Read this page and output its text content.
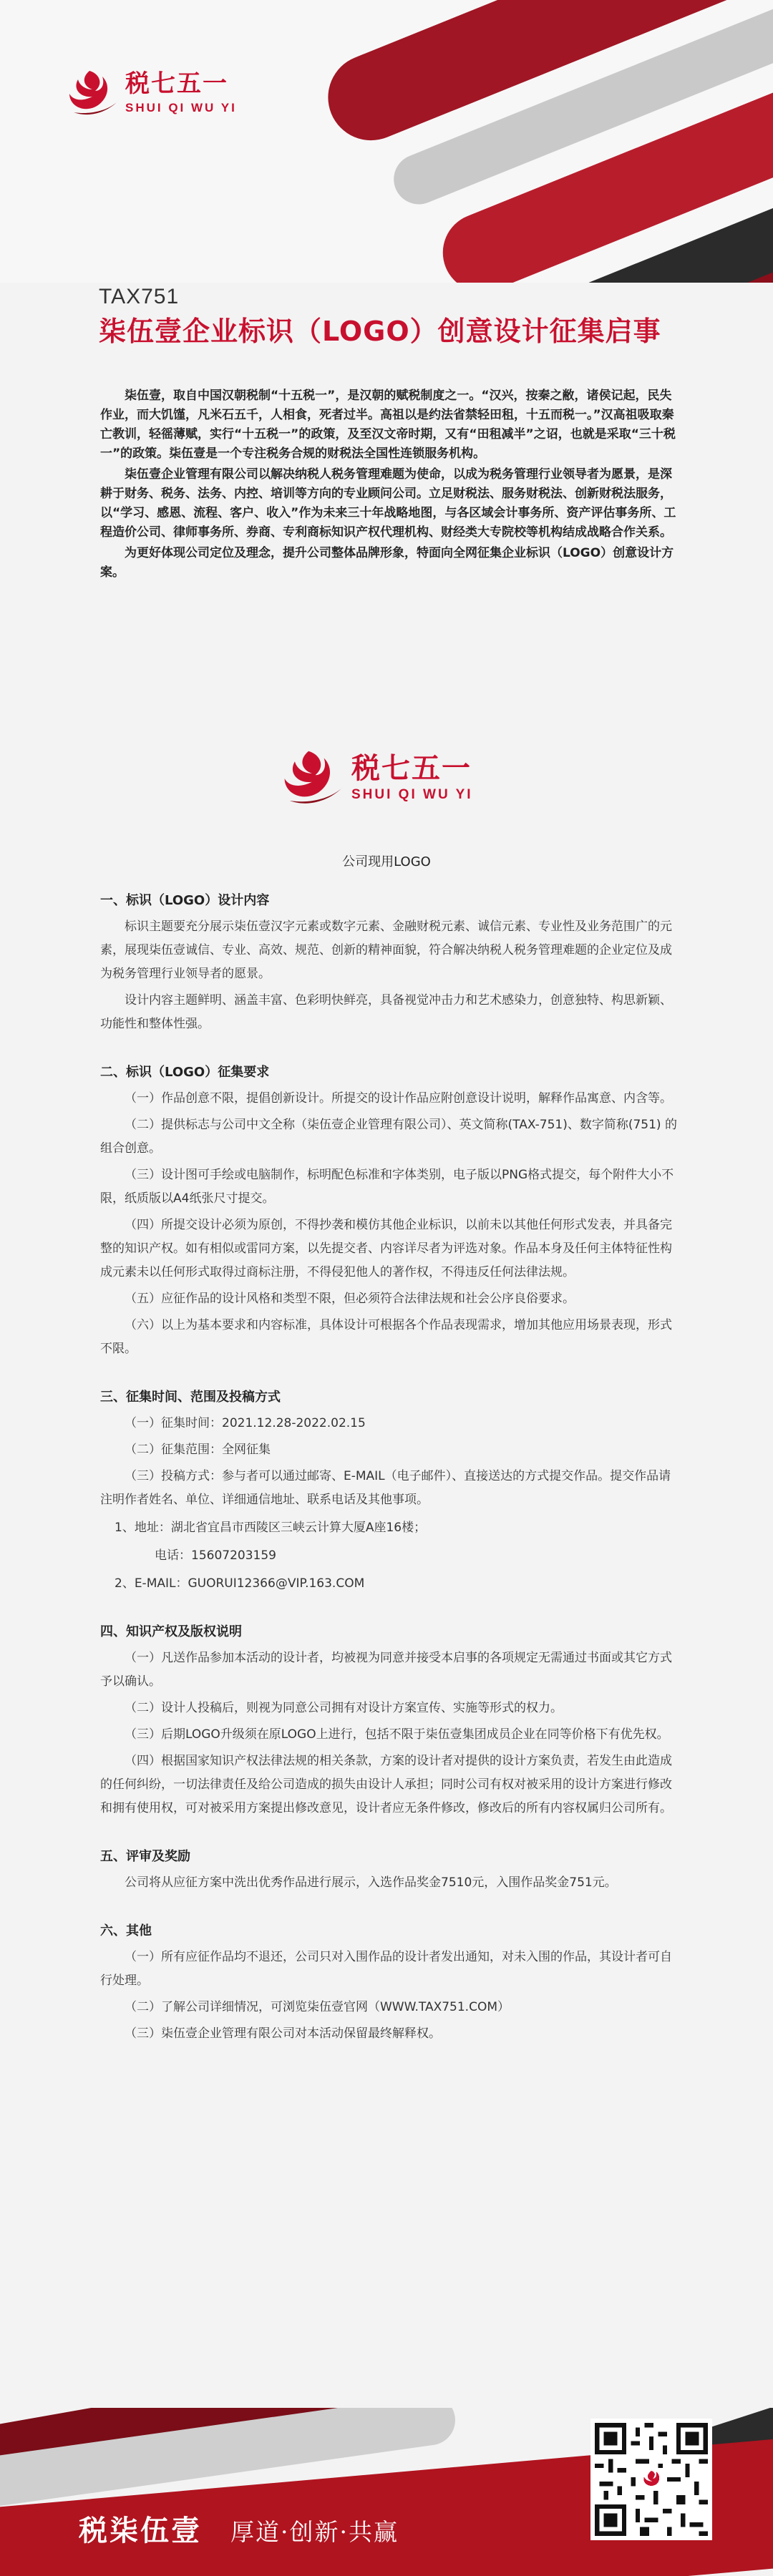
税七五一
SHUI QI WU YI
TAX751
柒伍壹企业标识（LOGO）创意设计征集启事

柒伍壹，取自中国汉朝税制“十五税一”，是汉朝的赋税制度之一。“汉兴，按秦之敝，诸侯记起，民失作业，而大饥馑，凡米石五千，人相食，死者过半。高祖以是约法省禁轻田租，十五而税一。”汉高祖吸取秦亡教训，轻徭薄赋，实行“十五税一”的政策，及至汉文帝时期，又有“田租减半”之诏，也就是采取“三十税一”的政策。柒伍壹是一个专注税务合规的财税法全国性连锁服务机构。

柒伍壹企业管理有限公司以解决纳税人税务管理难题为使命，以成为税务管理行业领导者为愿景，是深耕于财务、税务、法务、内控、培训等方向的专业顾问公司。立足财税法、服务财税法、创新财税法服务，以“学习、感恩、流程、客户、收入”作为未来三十年战略地图，与各区域会计事务所、资产评估事务所、工程造价公司、律师事务所、券商、专利商标知识产权代理机构、财经类大专院校等机构结成战略合作关系。

为更好体现公司定位及理念，提升公司整体品牌形象，特面向全网征集企业标识（LOGO）创意设计方案。

税七五一
SHUI QI WU YI
公司现用LOGO
一、标识（LOGO）设计内容

标识主题要充分展示柒伍壹汉字元素或数字元素、金融财税元素、诚信元素、专业性及业务范围广的元素，展现柒伍壹诚信、专业、高效、规范、创新的精神面貌，符合解决纳税人税务管理难题的企业定位及成为税务管理行业领导者的愿景。

设计内容主题鲜明、涵盖丰富、色彩明快鲜亮，具备视觉冲击力和艺术感染力，创意独特、构思新颖、功能性和整体性强。

二、标识（LOGO）征集要求

（一）作品创意不限，提倡创新设计。所提交的设计作品应附创意设计说明，解释作品寓意、内含等。

（二）提供标志与公司中文全称（柒伍壹企业管理有限公司）、英文简称(TAX-751)、数字简称(751) 的组合创意。

（三）设计图可手绘或电脑制作，标明配色标准和字体类别，电子版以PNG格式提交，每个附件大小不限，纸质版以A4纸张尺寸提交。

（四）所提交设计必须为原创，不得抄袭和模仿其他企业标识，以前未以其他任何形式发表，并具备完整的知识产权。如有相似或雷同方案，以先提交者、内容详尽者为评选对象。作品本身及任何主体特征性构成元素未以任何形式取得过商标注册，不得侵犯他人的著作权，不得违反任何法律法规。

（五）应征作品的设计风格和类型不限，但必须符合法律法规和社会公序良俗要求。

（六）以上为基本要求和内容标准，具体设计可根据各个作品表现需求，增加其他应用场景表现，形式不限。

三、征集时间、范围及投稿方式

（一）征集时间：2021.12.28-2022.02.15

（二）征集范围：全网征集

（三）投稿方式：参与者可以通过邮寄、E-MAIL（电子邮件）、直接送达的方式提交作品。提交作品请注明作者姓名、单位、详细通信地址、联系电话及其他事项。

1、地址：湖北省宜昌市西陵区三峡云计算大厦A座16楼；

电话：15607203159

2、E-MAIL：GUORUI12366@VIP.163.COM

四、知识产权及版权说明

（一）凡送作品参加本活动的设计者，均被视为同意并接受本启事的各项规定无需通过书面或其它方式予以确认。

（二）设计人投稿后，则视为同意公司拥有对设计方案宣传、实施等形式的权力。

（三）后期LOGO升级须在原LOGO上进行，包括不限于柒伍壹集团成员企业在同等价格下有优先权。

（四）根据国家知识产权法律法规的相关条款，方案的设计者对提供的设计方案负责，若发生由此造成的任何纠纷，一切法律责任及给公司造成的损失由设计人承担；同时公司有权对被采用的设计方案进行修改和拥有使用权，可对被采用方案提出修改意见，设计者应无条件修改，修改后的所有内容权属归公司所有。

五、评审及奖励

公司将从应征方案中洗出优秀作品进行展示，入选作品奖金7510元，入围作品奖金751元。

六、其他

（一）所有应征作品均不退还，公司只对入围作品的设计者发出通知，对未入围的作品，其设计者可自行处理。

（二）了解公司详细情况，可浏览柒伍壹官网（WWW.TAX751.COM）

（三）柒伍壹企业管理有限公司对本活动保留最终解释权。

税柒伍壹 厚道·创新·共赢
